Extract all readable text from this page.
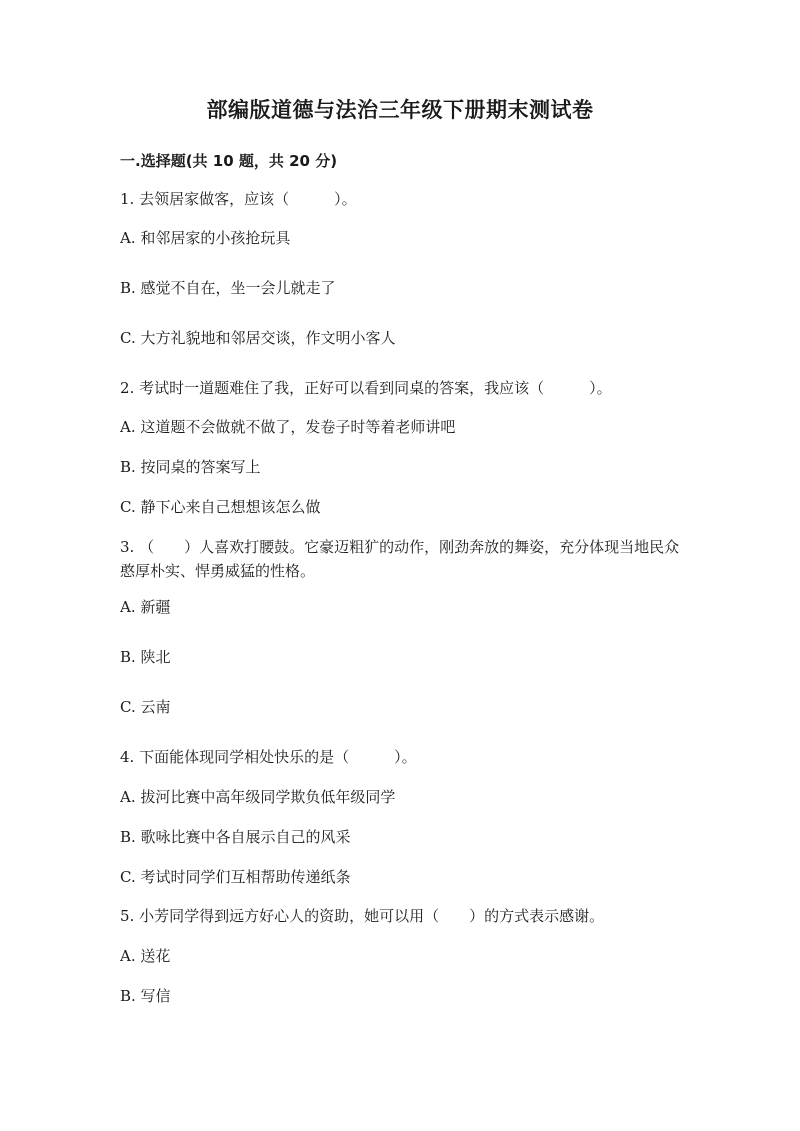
部编版道德与法治三年级下册期末测试卷
一.选择题(共 10 题，共 20 分)
1. 去领居家做客，应该（　　　）。
A. 和邻居家的小孩抢玩具
B. 感觉不自在，坐一会儿就走了
C. 大方礼貌地和邻居交谈，作文明小客人
2. 考试时一道题难住了我，正好可以看到同桌的答案，我应该（　　　）。
A. 这道题不会做就不做了，发卷子时等着老师讲吧
B. 按同桌的答案写上
C. 静下心来自己想想该怎么做
3. （　　）人喜欢打腰鼓。它豪迈粗犷的动作，刚劲奔放的舞姿，充分体现当地民众憨厚朴实、悍勇威猛的性格。
A. 新疆
B. 陕北
C. 云南
4. 下面能体现同学相处快乐的是（　　　）。
A. 拔河比赛中高年级同学欺负低年级同学
B. 歌咏比赛中各自展示自己的风采
C. 考试时同学们互相帮助传递纸条
5. 小芳同学得到远方好心人的资助，她可以用（　　）的方式表示感谢。
A. 送花
B. 写信
